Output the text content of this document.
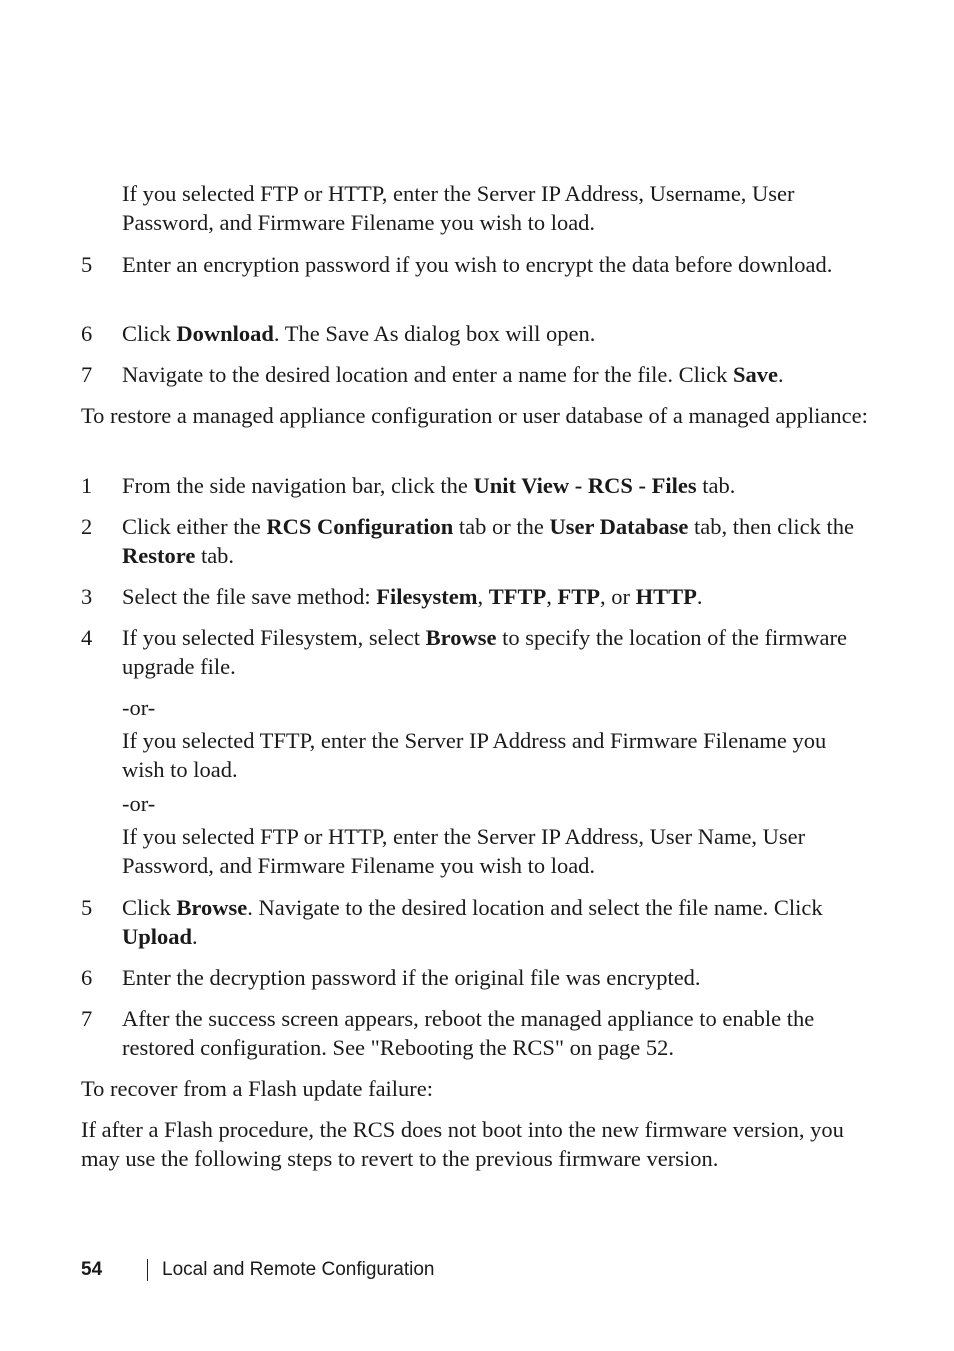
If you selected FTP or HTTP, enter the Server IP Address, Username, User Password, and Firmware Filename you wish to load.

5 Enter an encryption password if you wish to encrypt the data before download.

6 Click Download. The Save As dialog box will open.

7 Navigate to the desired location and enter a name for the file. Click Save.

To restore a managed appliance configuration or user database of a managed appliance:

1 From the side navigation bar, click the Unit View - RCS - Files tab.

2 Click either the RCS Configuration tab or the User Database tab, then click the Restore tab.

3 Select the file save method: Filesystem, TFTP, FTP, or HTTP.

4 If you selected Filesystem, select Browse to specify the location of the firmware upgrade file.

-or-

If you selected TFTP, enter the Server IP Address and Firmware Filename you wish to load.

-or-

If you selected FTP or HTTP, enter the Server IP Address, User Name, User Password, and Firmware Filename you wish to load.

5 Click Browse. Navigate to the desired location and select the file name. Click Upload.

6 Enter the decryption password if the original file was encrypted.

7 After the success screen appears, reboot the managed appliance to enable the restored configuration. See "Rebooting the RCS" on page 52.

To recover from a Flash update failure:

If after a Flash procedure, the RCS does not boot into the new firmware version, you may use the following steps to revert to the previous firmware version.

54	Local and Remote Configuration
